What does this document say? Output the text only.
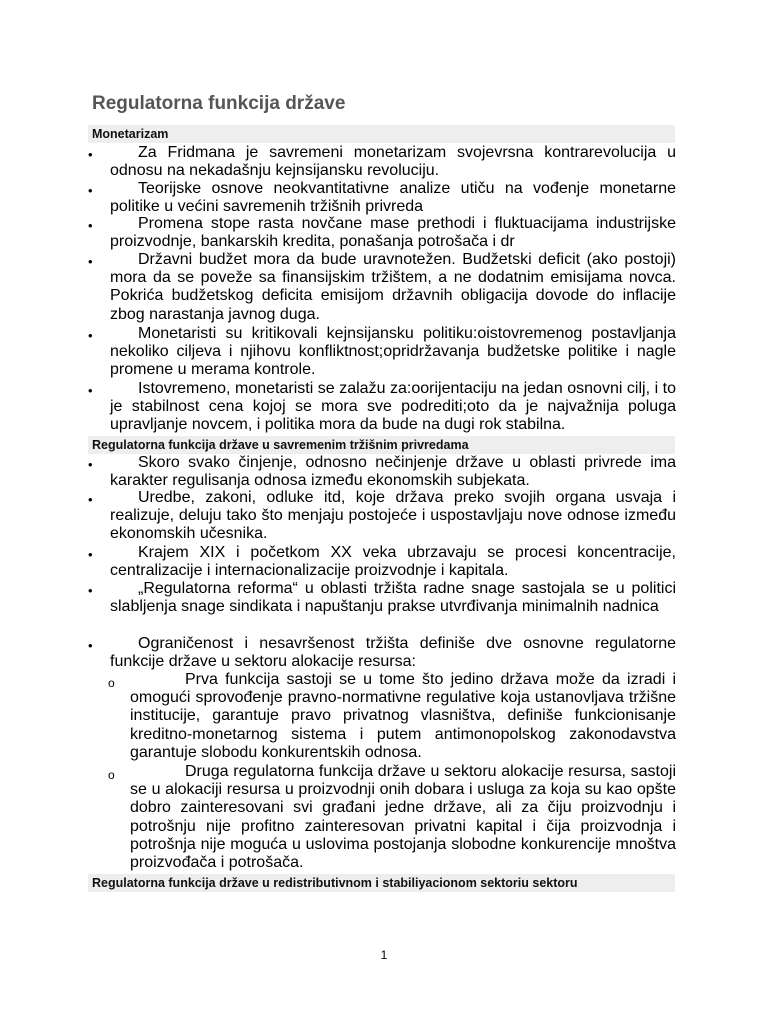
Regulatorna funkcija države
Monetarizam
•	Za Fridmana je savremeni monetarizam svojevrsna kontrarevolucija u odnosu na nekadašnju kejnsijansku revoluciju.
•	Teorijske osnove neokvantitativne analize utiču na vođenje monetarne politike u većini savremenih tržišnih privreda
•	Promena stope rasta novčane mase prethodi i fluktuacijama industrijske proizvodnje, bankarskih kredita, ponašanja potrošača i dr
•	Državni budžet mora da bude uravnotežen. Budžetski deficit (ako postoji) mora da se poveže sa finansijskim tržištem, a ne dodatnim emisijama novca. Pokrića budžetskog deficita emisijom državnih obligacija dovode do inflacije zbog narastanja javnog duga.
•	Monetaristi su kritikovali kejnsijansku politiku:oistovremenog postavljanja nekoliko ciljeva i njihovu konfliktnost;opridržavanja budžetske politike i nagle promene u merama kontrole.
•	Istovremeno, monetaristi se zalažu za:oorijentaciju na jedan osnovni cilj, i to je stabilnost cena kojoj se mora sve podrediti;oto da je najvažnija poluga upravljanje novcem, i politika mora da bude na dugi rok stabilna.
Regulatorna funkcija države u savremenim tržišnim privredama
•	Skoro svako činjenje, odnosno nečinjenje države u oblasti privrede ima karakter regulisanja odnosa između ekonomskih subjekata.
•	Uredbe, zakoni, odluke itd, koje država preko svojih organa usvaja i realizuje, deluju tako što menjaju postojeće i uspostavljaju nove odnose između ekonomskih učesnika.
•	Krajem XIX i početkom XX veka ubrzavaju se procesi koncentracije, centralizacije i internacionalizacije proizvodnje i kapitala.
•	„Regulatorna reforma“ u oblasti tržišta radne snage sastojala se u politici slabljenja snage sindikata i napuštanju prakse utvrđivanja minimalnih nadnica
•	Ograničenost i nesavršenost tržišta definiše dve osnovne regulatorne funkcije države u sektoru alokacije resursa:
o	Prva funkcija sastoji se u tome što jedino država može da izradi i omogući sprovođenje pravno-normativne regulative koja ustanovljava tržišne institucije, garantuje pravo privatnog vlasništva, definiše funkcionisanje kreditno-monetarnog sistema i putem antimonopolskog zakonodavstva garantuje slobodu konkurentskih odnosa.
o	Druga regulatorna funkcija države u sektoru alokacije resursa, sastoji se u alokaciji resursa u proizvodnji onih dobara i usluga za koja su kao opšte dobro zainteresovani svi građani jedne države, ali za čiju proizvodnju i potrošnju nije profitno zainteresovan privatni kapital i čija proizvodnja i potrošnja nije moguća u uslovima postojanja slobodne konkurencije mnoštva proizvođača i potrošača.
Regulatorna funkcija države u redistributivnom i stabiliyacionom sektoriu sektoru
1
